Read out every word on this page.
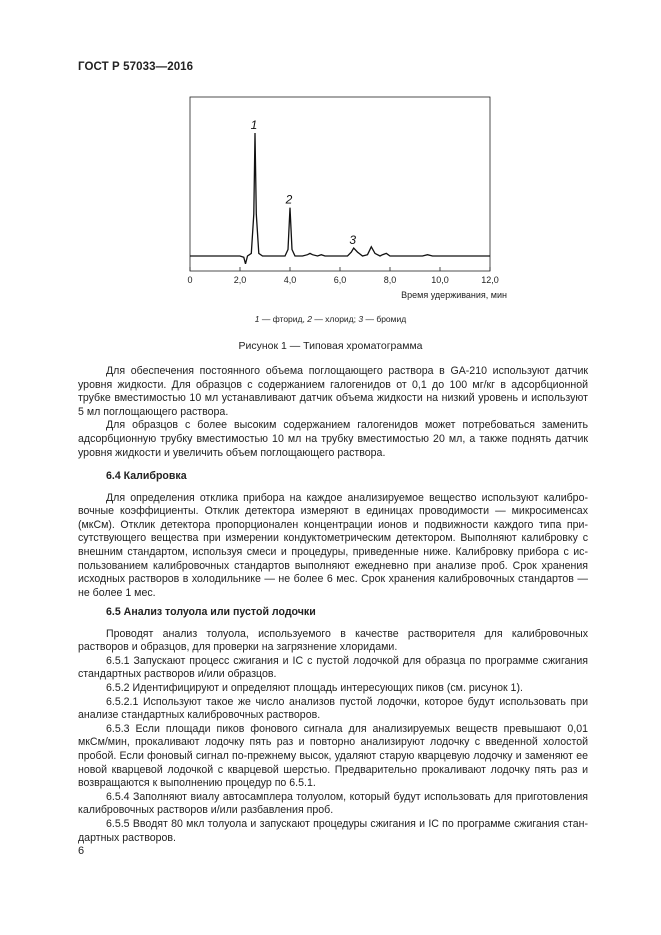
ГОСТ Р 57033—2016
0	2,0	4,0	6,0	8,0	10,0	12,0
1
2
3
Время удерживания, мин
1 — фторид, 2 — хлорид; 3 — бромид
Рисунок 1 — Типовая хроматограмма

Для обеспечения постоянного объема поглощающего раствора в GA-210 используют датчик уровня жидкости. Для образцов с содержанием галогенидов от 0,1 до 100 мг/кг в адсорбционной трубке вместимостью 10 мл устанавливают датчик объема жидкости на низкий уровень и используют 5 мл поглощающего раствора.

Для образцов с более высоким содержанием галогенидов может потребоваться заменить адсорбционную трубку вместимостью 10 мл на трубку вместимостью 20 мл, а также поднять датчик уровня жидкости и увеличить объем поглощающего раствора.

6.4 Калибровка

Для определения отклика прибора на каждое анализируемое вещество используют калибровочные коэффициенты. Отклик детектора измеряют в единицах проводимости — микросименсах (мкСм). Отклик детектора пропорционален концентрации ионов и подвижности каждого типа присутствующего вещества при измерении кондуктометрическим детектором. Выполняют калибровку с внешним стандартом, используя смеси и процедуры, приведенные ниже. Калибровку прибора с использованием калибровочных стандартов выполняют ежедневно при анализе проб. Срок хранения исходных растворов в холодильнике — не более 6 мес. Срок хранения калибровочных стандартов — не более 1 мес.

6.5 Анализ толуола или пустой лодочки

Проводят анализ толуола, используемого в качестве растворителя для калибровочных растворов и образцов, для проверки на загрязнение хлоридами.

6.5.1 Запускают процесс сжигания и IC с пустой лодочкой для образца по программе сжигания стандартных растворов и/или образцов.

6.5.2 Идентифицируют и определяют площадь интересующих пиков (см. рисунок 1).

6.5.2.1 Используют такое же число анализов пустой лодочки, которое будут использовать при анализе стандартных калибровочных растворов.

6.5.3 Если площади пиков фонового сигнала для анализируемых веществ превышают 0,01 мкСм/мин, прокаливают лодочку пять раз и повторно анализируют лодочку с введенной холостой пробой. Если фоновый сигнал по-прежнему высок, удаляют старую кварцевую лодочку и заменяют ее новой кварцевой лодочкой с кварцевой шерстью. Предварительно прокаливают лодочку пять раз и возвращаются к выполнению процедур по 6.5.1.

6.5.4 Заполняют виалу автосамплера толуолом, который будут использовать для приготовления калибровочных растворов и/или разбавления проб.

6.5.5 Вводят 80 мкл толуола и запускают процедуры сжигания и IC по программе сжигания стандартных растворов.

6
